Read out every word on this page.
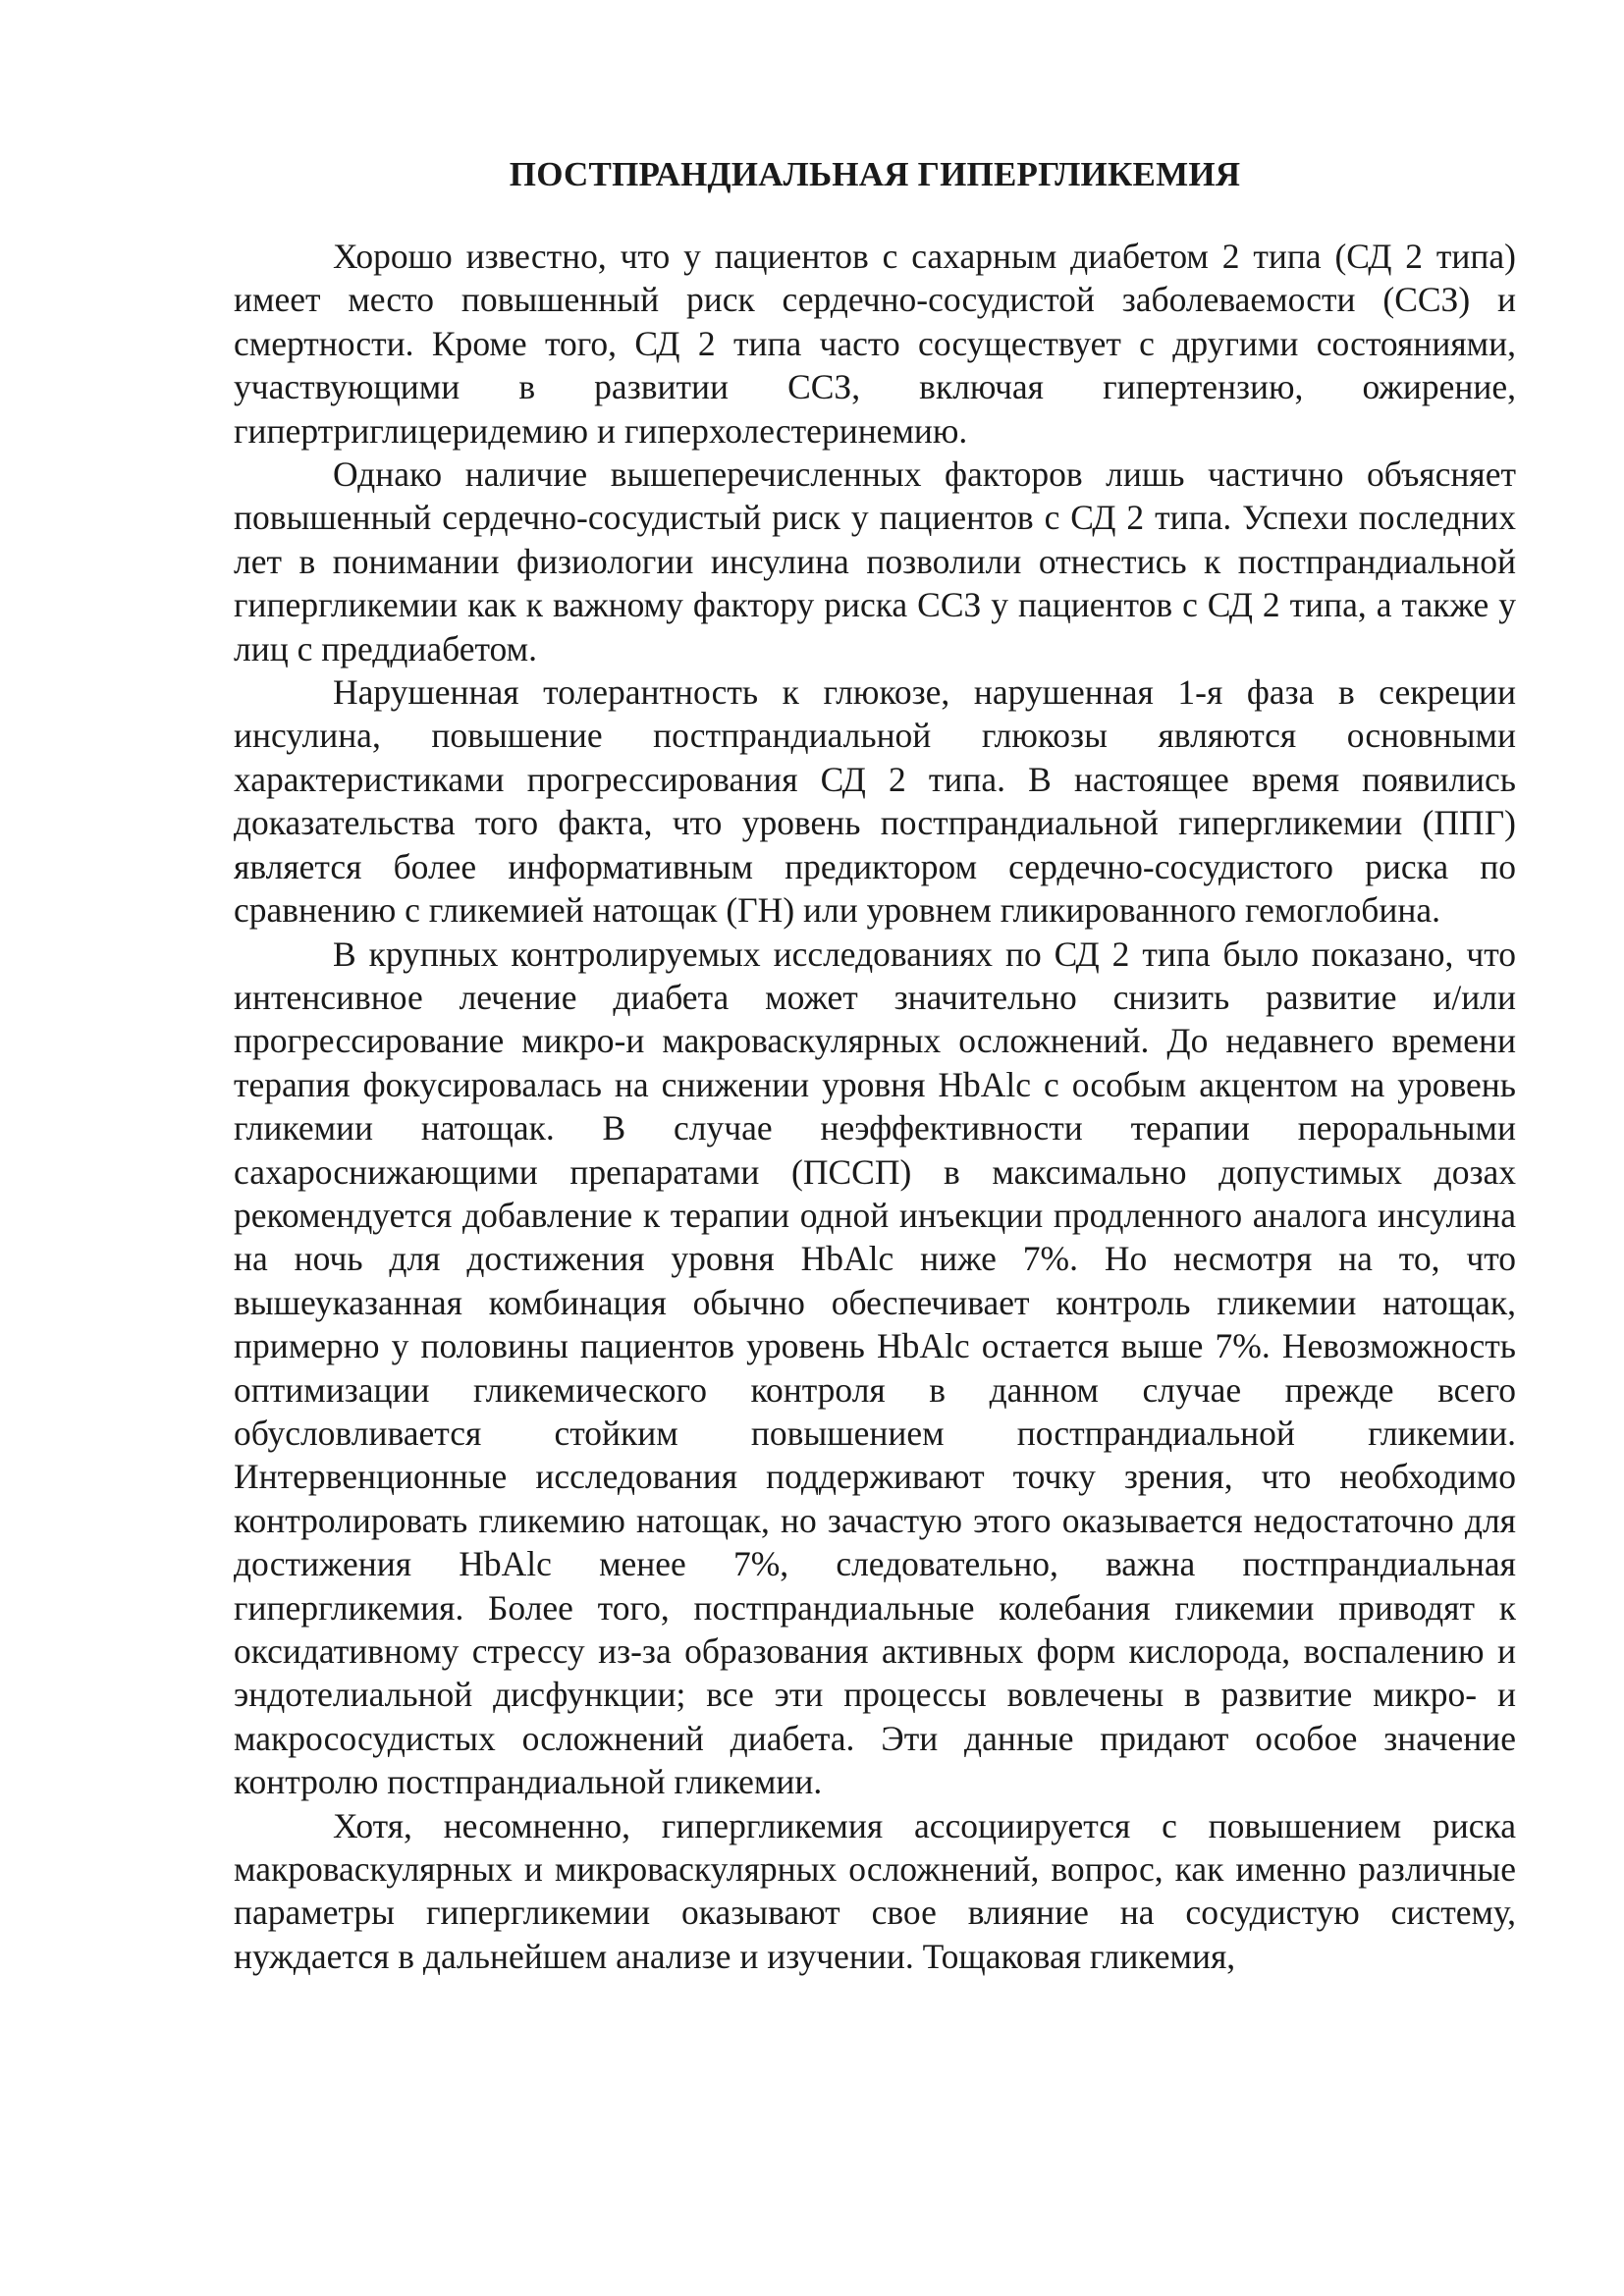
ПОСТПРАНДИАЛЬНАЯ ГИПЕРГЛИКЕМИЯ

Хорошо известно, что у пациентов с сахарным диабетом 2 типа (СД 2 типа) имеет место повышенный риск сердечно-сосудистой заболеваемости (ССЗ) и смертности. Кроме того, СД 2 типа часто сосуществует с другими состояниями, участвующими в развитии ССЗ, включая гипертензию, ожирение, гипертриглицеридемию и гиперхолестеринемию.

Однако наличие вышеперечисленных факторов лишь частично объясняет повышенный сердечно-сосудистый риск у пациентов с СД 2 типа. Успехи последних лет в понимании физиологии инсулина позволили отнестись к постпрандиальной гипергликемии как к важному фактору риска ССЗ у пациентов с СД 2 типа, а также у лиц с преддиабетом.

Нарушенная толерантность к глюкозе, нарушенная 1-я фаза в секреции инсулина, повышение постпрандиальной глюкозы являются основными характеристиками прогрессирования СД 2 типа. В настоящее время появились доказательства того факта, что уровень постпрандиальной гипергликемии (ППГ) является более информативным предиктором сердечно-сосудистого риска по сравнению с гликемией натощак (ГН) или уровнем гликированного гемоглобина.

В крупных контролируемых исследованиях по СД 2 типа было показано, что интенсивное лечение диабета может значительно снизить развитие и/или прогрессирование микро-и макроваскулярных осложнений. До недавнего времени терапия фокусировалась на снижении уровня HbAlc с особым акцентом на уровень гликемии натощак. В случае неэффективности терапии пероральными сахароснижающими препаратами (ПССП) в максимально допустимых дозах рекомендуется добавление к терапии одной инъекции продленного аналога инсулина на ночь для достижения уровня HbAlc ниже 7%. Но несмотря на то, что вышеуказанная комбинация обычно обеспечивает контроль гликемии натощак, примерно у половины пациентов уровень HbAlc остается выше 7%. Невозможность оптимизации гликемического контроля в данном случае прежде всего обусловливается стойким повышением постпрандиальной гликемии. Интервенционные исследования поддерживают точку зрения, что необходимо контролировать гликемию натощак, но зачастую этого оказывается недостаточно для достижения HbAlc менее 7%, следовательно, важна постпрандиальная гипергликемия. Более того, постпрандиальные колебания гликемии приводят к оксидативному стрессу из-за образования активных форм кислорода, воспалению и эндотелиальной дисфункции; все эти процессы вовлечены в развитие микро- и макрососудистых осложнений диабета. Эти данные придают особое значение контролю постпрандиальной гликемии.

Хотя, несомненно, гипергликемия ассоциируется с повышением риска макроваскулярных и микроваскулярных осложнений, вопрос, как именно различные параметры гипергликемии оказывают свое влияние на сосудистую систему, нуждается в дальнейшем анализе и изучении. Тощаковая гликемия,
